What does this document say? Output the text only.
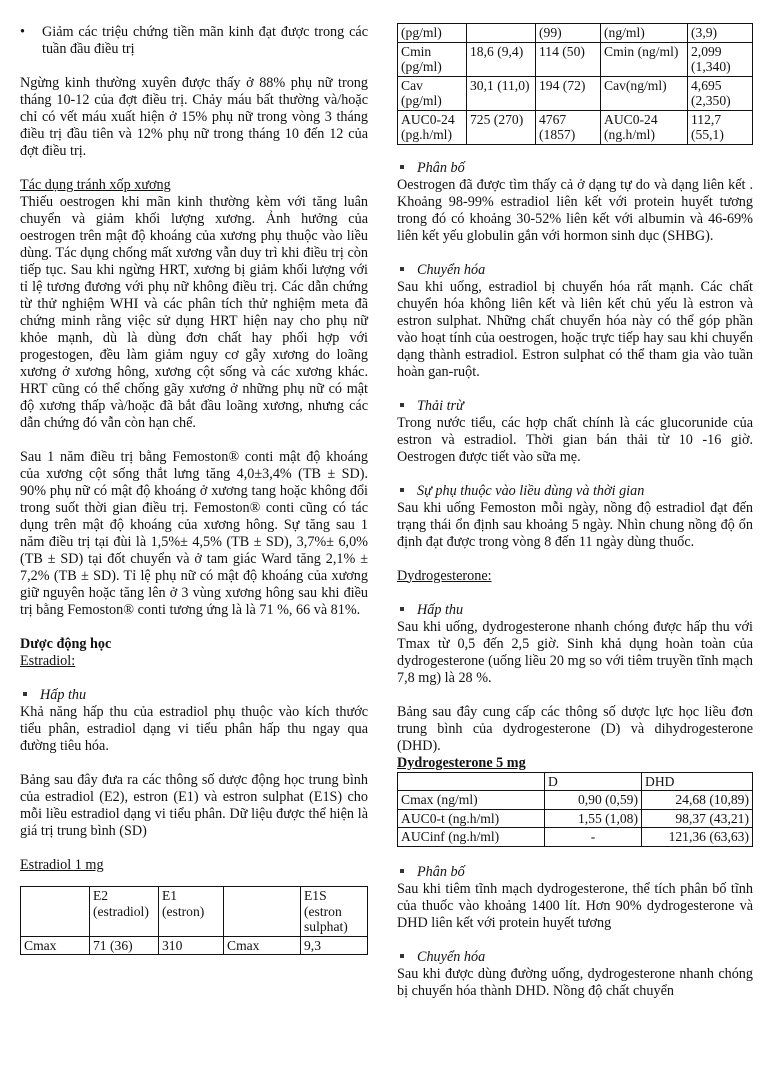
•	Giảm các triệu chứng tiền mãn kinh đạt được trong các tuần đầu điều trị

Ngừng kinh thường xuyên được thấy ở 88% phụ nữ trong tháng 10-12 của đợt điều trị. Chảy máu bất thường và/hoặc chỉ có vết máu xuất hiện ở 15% phụ nữ trong vòng 3 tháng điều trị đầu tiên và 12% phụ nữ trong tháng 10 đến 12 của đợt điều trị.

Tác dụng tránh xốp xương

Thiếu oestrogen khi mãn kinh thường kèm với tăng luân chuyển và giảm khối lượng xương. Ảnh hưởng của oestrogen trên mật độ khoáng của xương phụ thuộc vào liều dùng. Tác dụng chống mất xương vẫn duy trì khi điều trị còn tiếp tục. Sau khi ngừng HRT, xương bị giảm khối lượng với tỉ lệ tương đương với phụ nữ không điều trị. Các dẫn chứng từ thử nghiệm WHI và các phân tích thử nghiệm meta đã chứng minh rằng việc sử dụng HRT hiện nay cho phụ nữ khỏe mạnh, dù là dùng đơn chất hay phối hợp với progestogen, đều làm giảm nguy cơ gẫy xương do loãng xương ở xương hông, xương cột sống và các xương khác. HRT cũng có thể chống gãy xương ở những phụ nữ có mật độ xương thấp và/hoặc đã bắt đầu loãng xương, nhưng các dẫn chứng đó vẫn còn hạn chế.

Sau 1 năm điều trị bằng Femoston® conti mật độ khoáng của xương cột sống thắt lưng tăng 4,0±3,4% (TB ± SD). 90% phụ nữ có mật độ khoáng ở xương tang hoặc không đổi trong suốt thời gian điều trị. Femoston® conti cũng có tác dụng trên mật độ khoáng của xương hông. Sự tăng sau 1 năm điều trị tại đùi là 1,5%± 4,5% (TB ± SD), 3,7%± 6,0% (TB ± SD) tại đốt chuyển và ở tam giác Ward tăng 2,1% ± 7,2% (TB ± SD). Tỉ lệ phụ nữ có mật độ khoáng của xương giữ nguyên hoặc tăng lên ở 3 vùng xương hông sau khi điều trị bằng Femoston® conti tương ứng là là 71 %, 66 và 81%.

Dược động học

Estradiol:

Hấp thu

Khả năng hấp thu của estradiol phụ thuộc vào kích thước tiểu phân, estradiol dạng vi tiểu phân hấp thu ngay qua đường tiêu hóa.

Bảng sau đây đưa ra các thông số dược động học trung bình của estradiol (E2), estron (E1) và estron sulphat (E1S) cho mỗi liều estradiol dạng vi tiểu phân. Dữ liệu được thể hiện là giá trị trung bình (SD)

Estradiol 1 mg

	E2 (estradiol)	E1 (estron)		E1S (estron sulphat)
Cmax	71 (36)	310	Cmax	9,3
(pg/ml)		(99)	(ng/ml)	(3,9)
Cmin (pg/ml)	18,6 (9,4)	114 (50)	Cmin (ng/ml)	2,099 (1,340)
Cav (pg/ml)	30,1 (11,0)	194 (72)	Cav(ng/ml)	4,695 (2,350)
AUC0-24 (pg.h/ml)	725 (270)	4767 (1857)	AUC0-24 (ng.h/ml)	112,7 (55,1)

Phân bố

Oestrogen đã được tìm thấy cả ở dạng tự do và dạng liên kết . Khoảng 98-99% estradiol liên kết với protein huyết tương trong đó có khoảng 30-52% liên kết với albumin và 46-69% liên kết yếu globulin gắn với hormon sinh dục (SHBG).

Chuyển hóa

Sau khi uống, estradiol bị chuyển hóa rất mạnh. Các chất chuyển hóa không liên kết và liên kết chủ yếu là estron và estron sulphat. Những chất chuyển hóa này có thể góp phần vào hoạt tính của oestrogen, hoặc trực tiếp hay sau khi chuyển dạng thành estradiol. Estron sulphat có thể tham gia vào tuần hoàn gan-ruột.

Thải trừ

Trong nước tiểu, các hợp chất chính là các glucorunide của estron và estradiol. Thời gian bán thải từ 10 -16 giờ. Oestrogen được tiết vào sữa mẹ.

Sự phụ thuộc vào liều dùng và thời gian

Sau khi uống Femoston mỗi ngày, nồng độ estradiol đạt đến trạng thái ổn định sau khoảng 5 ngày. Nhìn chung nồng độ ổn định đạt được trong vòng 8 đến 11 ngày dùng thuốc.

Dydrogesterone:

Hấp thu

Sau khi uống, dydrogesterone nhanh chóng được hấp thu với Tmax từ 0,5 đến 2,5 giờ. Sinh khả dụng hoàn toàn của dydrogesterone (uống liều 20 mg so với tiêm truyền tĩnh mạch 7,8 mg) là 28 %.

Bảng sau đây cung cấp các thông số dược lực học liều đơn trung bình của dydrogesterone (D) và dihydrogesterone (DHD).

Dydrogesterone 5 mg

	D	DHD
Cmax (ng/ml)	0,90 (0,59)	24,68 (10,89)
AUC0-t (ng.h/ml)	1,55 (1,08)	98,37 (43,21)
AUCinf (ng.h/ml)	-	121,36 (63,63)

Phân bố

Sau khi tiêm tĩnh mạch dydrogesterone, thể tích phân bố tĩnh của thuốc vào khoảng 1400 lít. Hơn 90% dydrogesterone và DHD liên kết với protein huyết tương

Chuyển hóa

Sau khi được dùng đường uống, dydrogesterone nhanh chóng bị chuyển hóa thành DHD. Nồng độ chất chuyển
